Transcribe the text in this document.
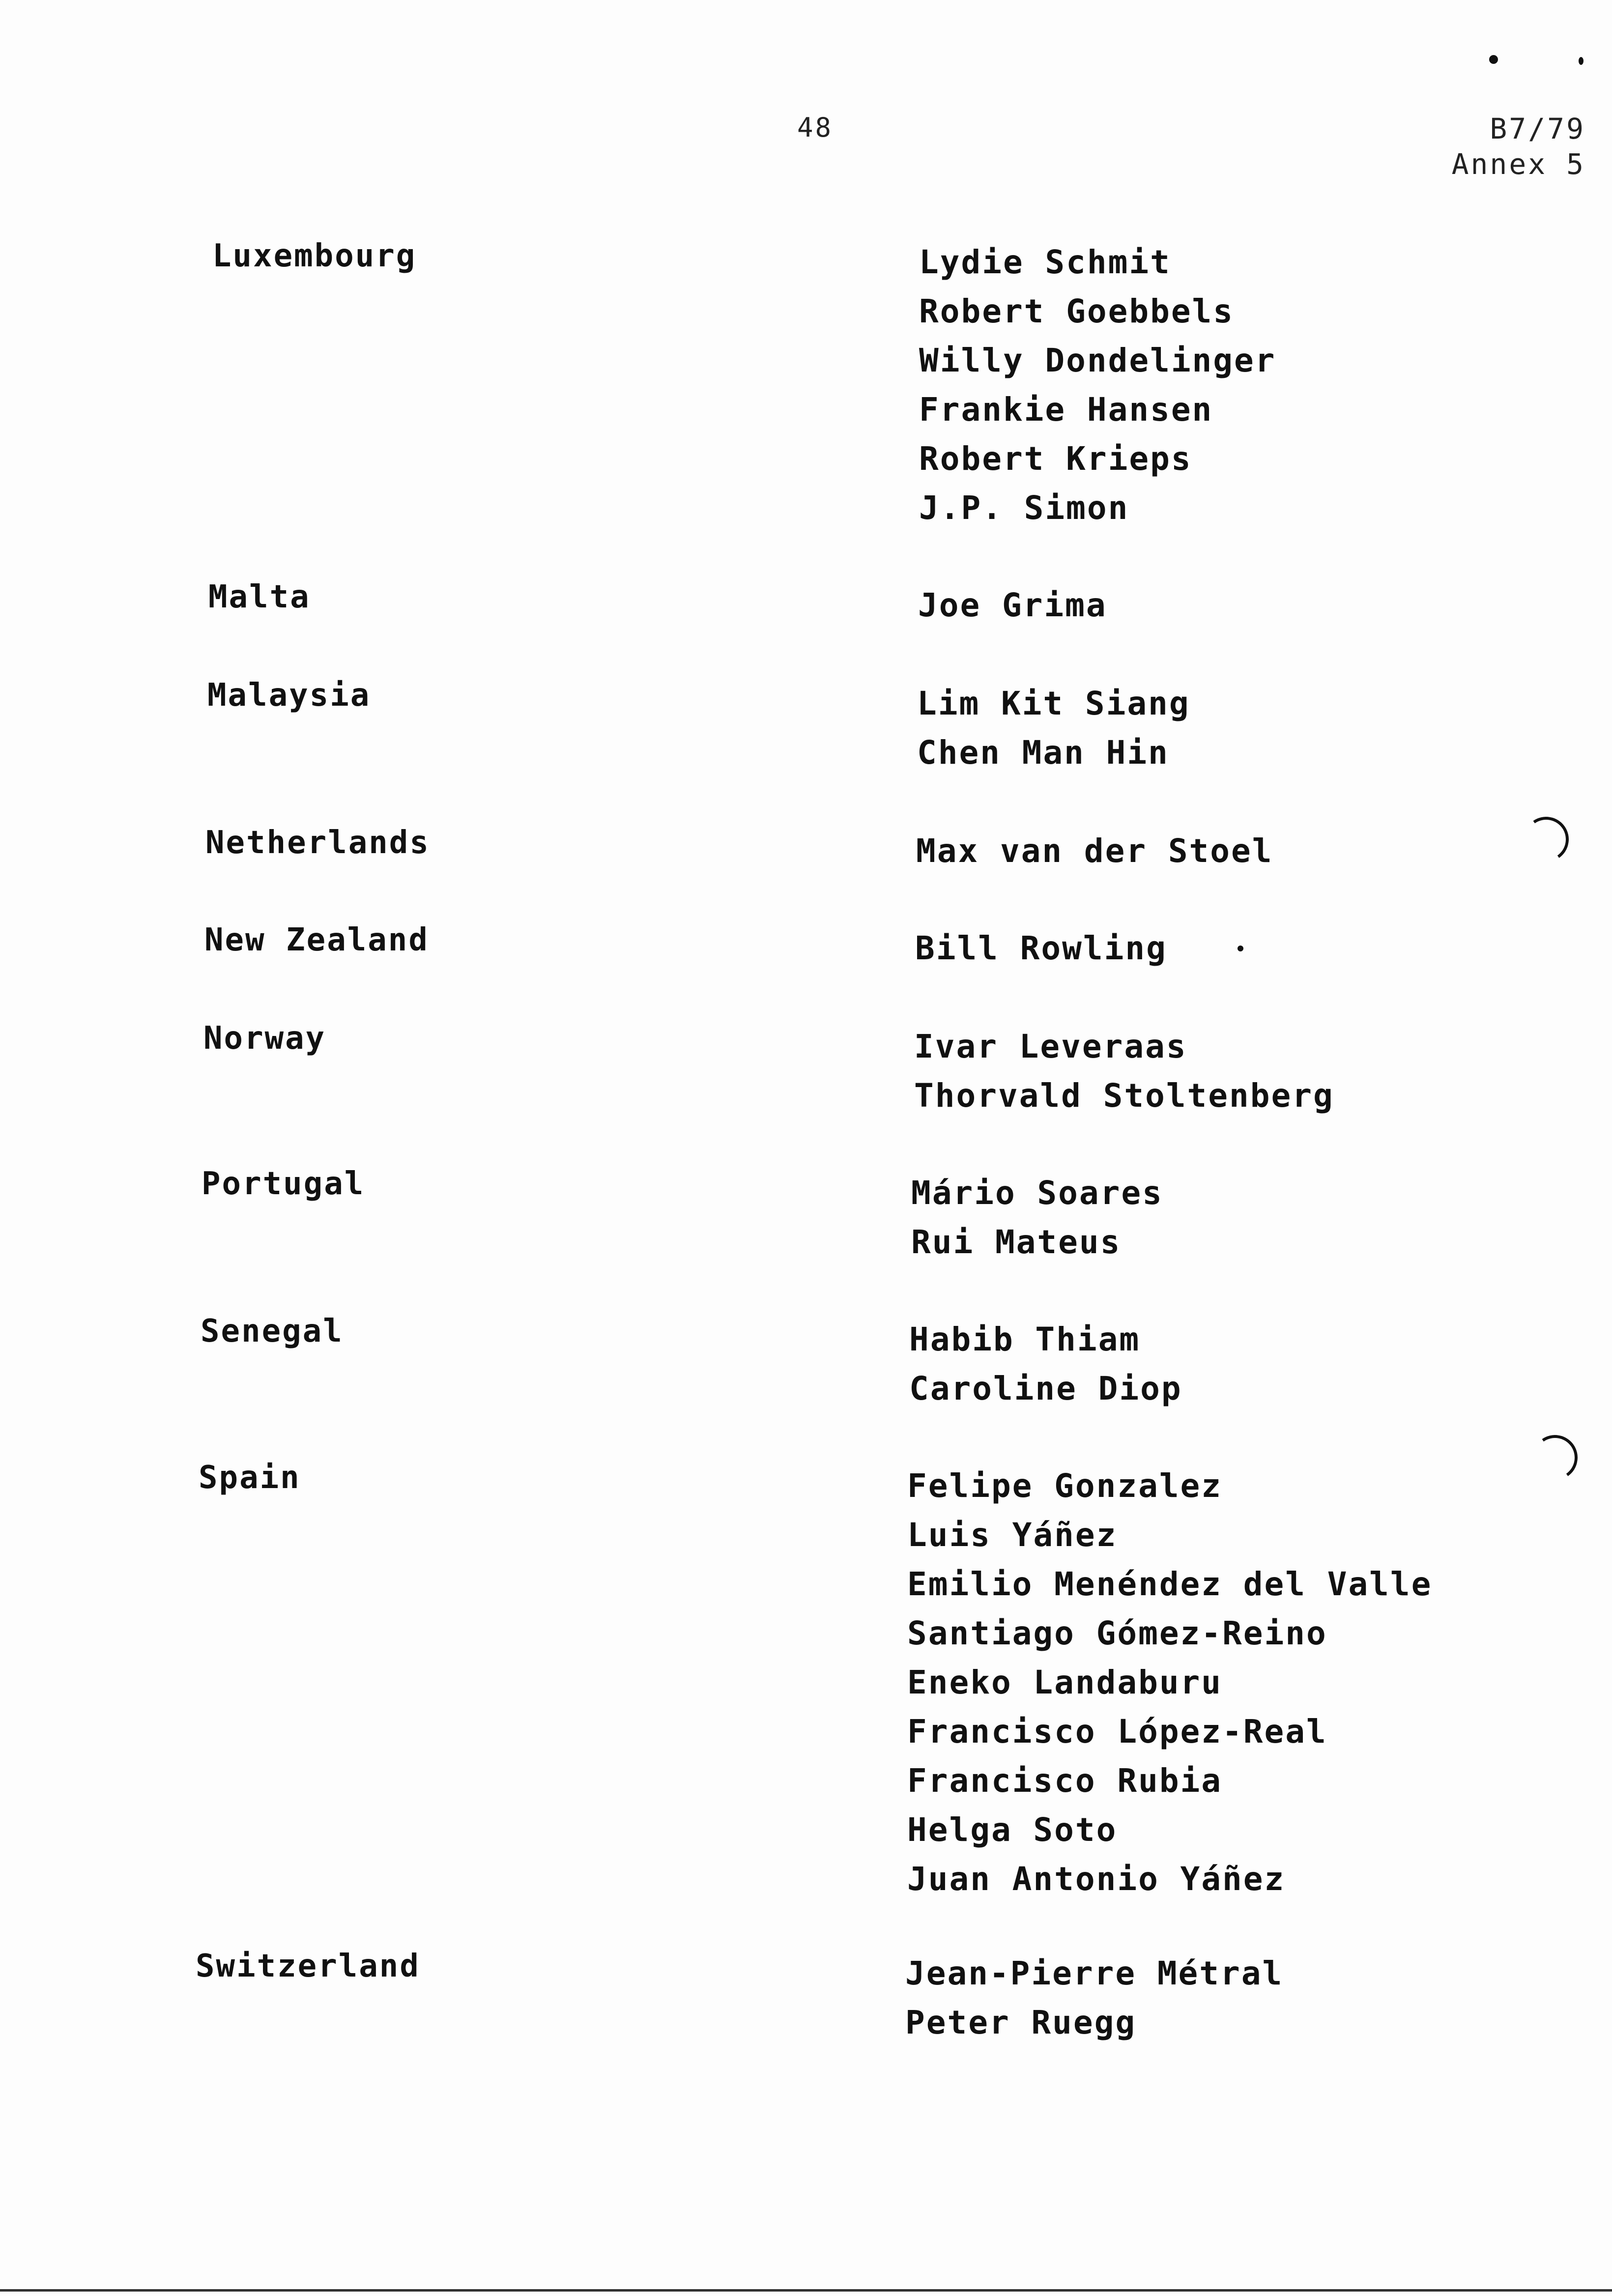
48	B7/79
Annex 5
Luxembourg	Lydie Schmit
Robert Goebbels
Willy Dondelinger
Frankie Hansen
Robert Krieps
J.P. Simon
Malta	Joe Grima
Malaysia	Lim Kit Siang
Chen Man Hin
Netherlands	Max van der Stoel
New Zealand	Bill Rowling
Norway	Ivar Leveraas
Thorvald Stoltenberg
Portugal	Mário Soares
Rui Mateus
Senegal	Habib Thiam
Caroline Diop
Spain	Felipe Gonzalez
Luis Yáñez
Emilio Menéndez del Valle
Santiago Gómez-Reino
Eneko Landaburu
Francisco López-Real
Francisco Rubia
Helga Soto
Juan Antonio Yáñez
Switzerland	Jean-Pierre Métral
Peter Ruegg
